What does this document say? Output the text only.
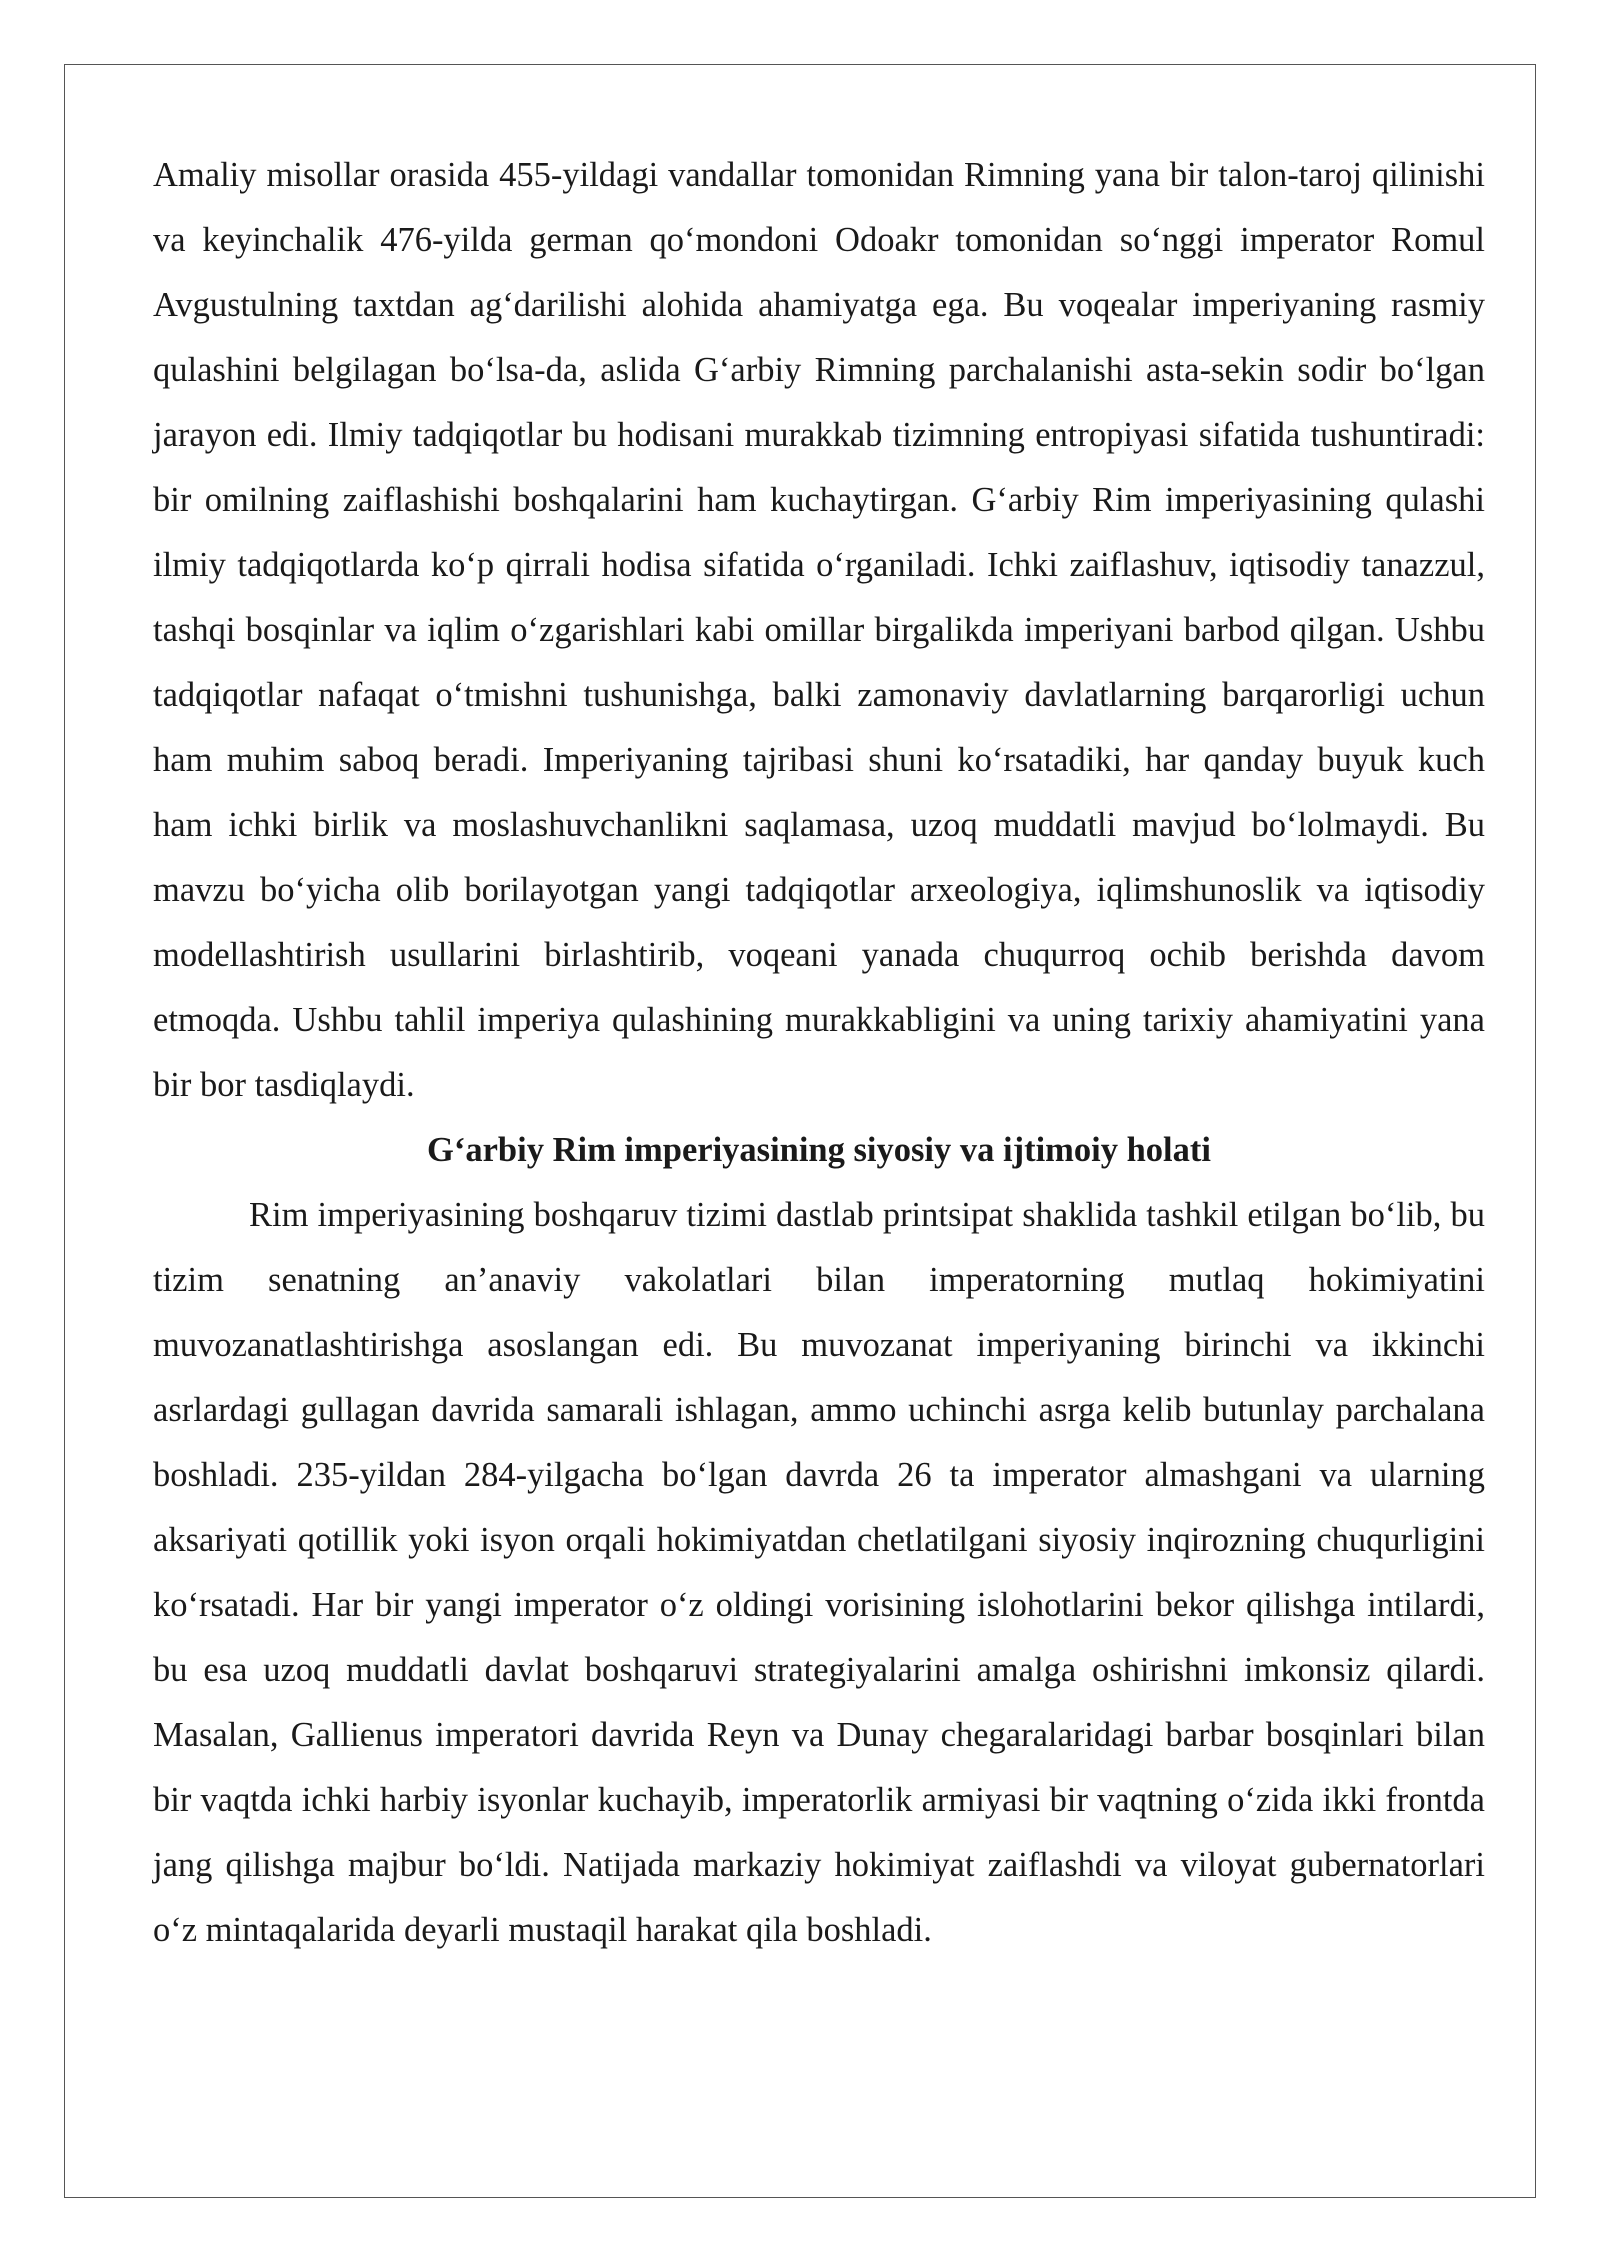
Amaliy misollar orasida 455-yildagi vandallar tomonidan Rimning yana bir talon-taroj qilinishi va keyinchalik 476-yilda german qo‘mondoni Odoakr tomonidan so‘nggi imperator Romul Avgustulning taxtdan ag‘darilishi alohida ahamiyatga ega. Bu voqealar imperiyaning rasmiy qulashini belgilagan bo‘lsa-da, aslida G‘arbiy Rimning parchalanishi asta-sekin sodir bo‘lgan jarayon edi. Ilmiy tadqiqotlar bu hodisani murakkab tizimning entropiyasi sifatida tushuntiradi: bir omilning zaiflashishi boshqalarini ham kuchaytirgan. G‘arbiy Rim imperiyasining qulashi ilmiy tadqiqotlarda ko‘p qirrali hodisa sifatida o‘rganiladi. Ichki zaiflashuv, iqtisodiy tanazzul, tashqi bosqinlar va iqlim o‘zgarishlari kabi omillar birgalikda imperiyani barbod qilgan. Ushbu tadqiqotlar nafaqat o‘tmishni tushunishga, balki zamonaviy davlatlarning barqarorligi uchun ham muhim saboq beradi. Imperiyaning tajribasi shuni ko‘rsatadiki, har qanday buyuk kuch ham ichki birlik va moslashuvchanlikni saqlamasa, uzoq muddatli mavjud bo‘lolmaydi. Bu mavzu bo‘yicha olib borilayotgan yangi tadqiqotlar arxeologiya, iqlimshunoslik va iqtisodiy modellashtirish usullarini birlashtirib, voqeani yanada chuqurroq ochib berishda davom etmoqda. Ushbu tahlil imperiya qulashining murakkabligini va uning tarixiy ahamiyatini yana bir bor tasdiqlaydi.

G‘arbiy Rim imperiyasining siyosiy va ijtimoiy holati

Rim imperiyasining boshqaruv tizimi dastlab printsipat shaklida tashkil etilgan bo‘lib, bu tizim senatning an’anaviy vakolatlari bilan imperatorning mutlaq hokimiyatini muvozanatlashtirishga asoslangan edi. Bu muvozanat imperiyaning birinchi va ikkinchi asrlardagi gullagan davrida samarali ishlagan, ammo uchinchi asrga kelib butunlay parchalana boshladi. 235-yildan 284-yilgacha bo‘lgan davrda 26 ta imperator almashgani va ularning aksariyati qotillik yoki isyon orqali hokimiyatdan chetlatilgani siyosiy inqirozning chuqurligini ko‘rsatadi. Har bir yangi imperator o‘z oldingi vorisining islohotlarini bekor qilishga intilardi, bu esa uzoq muddatli davlat boshqaruvi strategiyalarini amalga oshirishni imkonsiz qilardi. Masalan, Gallienus imperatori davrida Reyn va Dunay chegaralaridagi barbar bosqinlari bilan bir vaqtda ichki harbiy isyonlar kuchayib, imperatorlik armiyasi bir vaqtning o‘zida ikki frontda jang qilishga majbur bo‘ldi. Natijada markaziy hokimiyat zaiflashdi va viloyat gubernatorlari o‘z mintaqalarida deyarli mustaqil harakat qila boshladi.
